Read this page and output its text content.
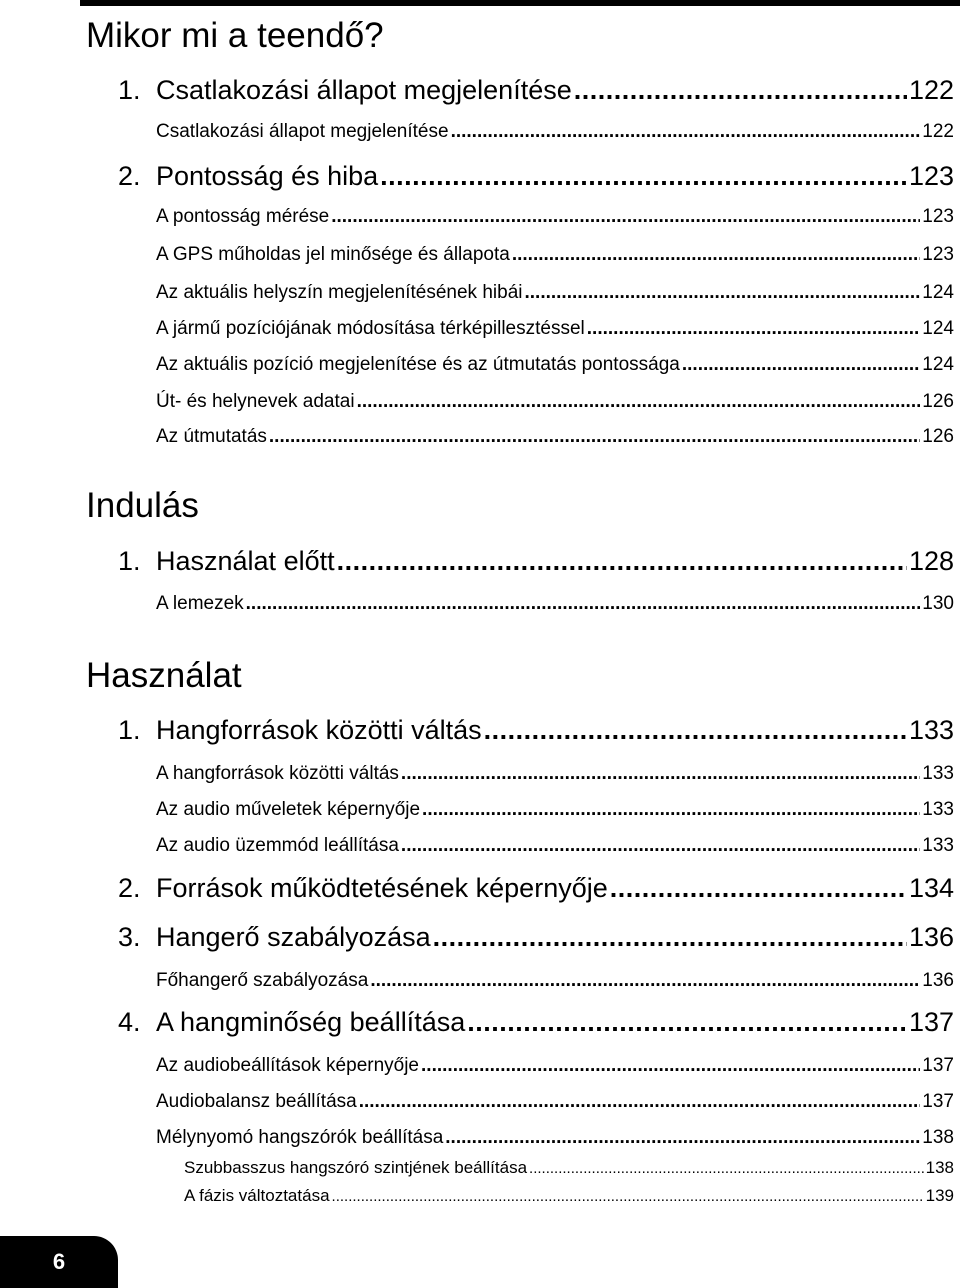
Mikor mi a teendő?
1. Csatlakozási állapot megjelenítése .....	122
Csatlakozási állapot megjelenítése .....	122
2. Pontosság és hiba .....	123
A pontosság mérése .....	123
A GPS műholdas jel minősége és állapota .....	123
Az aktuális helyszín megjelenítésének hibái .....	124
A jármű pozíciójának módosítása térképillesztéssel .....	124
Az aktuális pozíció megjelenítése és az útmutatás pontossága .....	124
Út- és helynevek adatai .....	126
Az útmutatás .....	126
Indulás
1. Használat előtt .....	128
A lemezek .....	130
Használat
1. Hangforrások közötti váltás .....	133
A hangforrások közötti váltás .....	133
Az audio műveletek képernyője .....	133
Az audio üzemmód leállítása .....	133
2. Források működtetésének képernyője .....	134
3. Hangerő szabályozása .....	136
Főhangerő szabályozása .....	136
4. A hangminőség beállítása .....	137
Az audiobeállítások képernyője .....	137
Audiobalansz beállítása .....	137
Mélynyomó hangszórók beállítása .....	138
Szubbasszus hangszóró szintjének beállítása .....	138
A fázis változtatása .....	139
6
